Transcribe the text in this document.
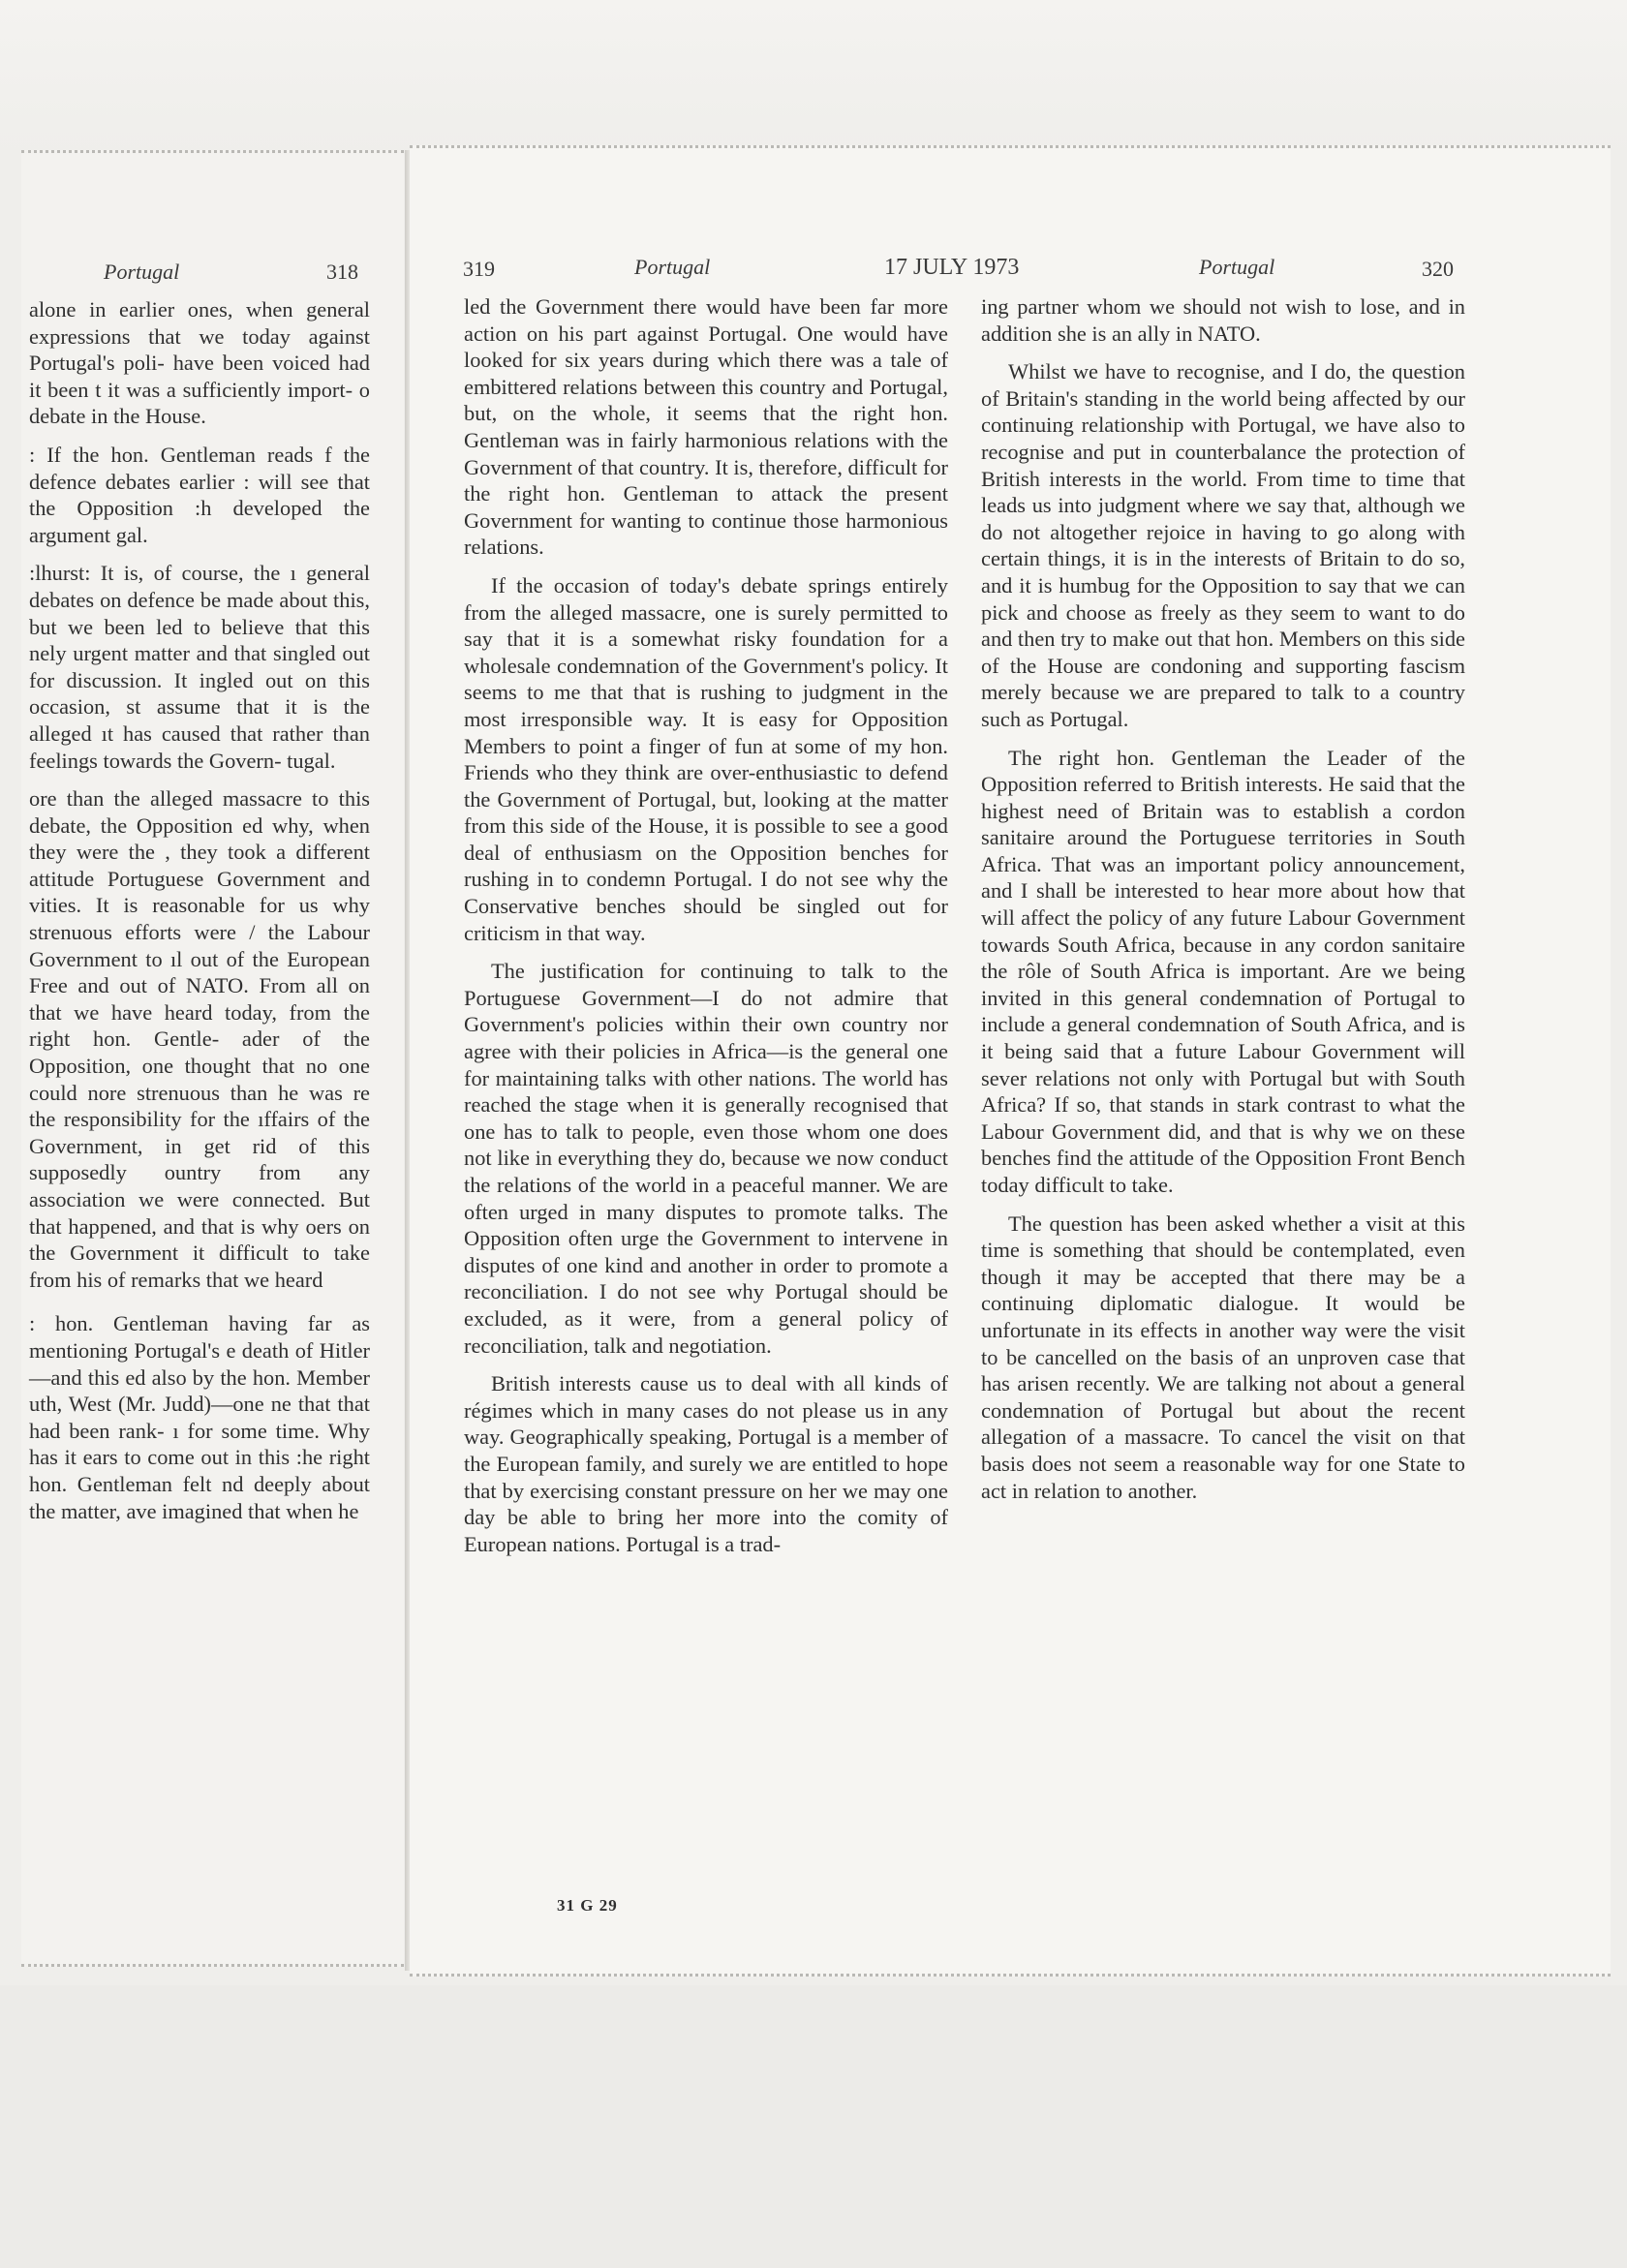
Portugal	318

alone in earlier ones, when general expressions that we today against Portugal's poli- have been voiced had it been t it was a sufficiently import- o debate in the House.

: If the hon. Gentleman reads f the defence debates earlier : will see that the Opposition :h developed the argument gal.

:lhurst: It is, of course, the ı general debates on defence be made about this, but we been led to believe that this nely urgent matter and that singled out for discussion. It ingled out on this occasion, st assume that it is the alleged ıt has caused that rather than feelings towards the Govern- tugal.

ore than the alleged massacre to this debate, the Opposition ed why, when they were the , they took a different attitude Portuguese Government and vities. It is reasonable for us why strenuous efforts were / the Labour Government to ıl out of the European Free and out of NATO. From all on that we have heard today, from the right hon. Gentle- ader of the Opposition, one thought that no one could nore strenuous than he was re the responsibility for the ıffairs of the Government, in get rid of this supposedly ountry from any association we were connected. But that happened, and that is why oers on the Government it difficult to take from his of remarks that we heard

: hon. Gentleman having far as mentioning Portugal's e death of Hitler—and this ed also by the hon. Member uth, West (Mr. Judd)—one ne that that had been rank- ı for some time. Why has it ears to come out in this :he right hon. Gentleman felt nd deeply about the matter, ave imagined that when he

319	Portugal	17 JULY 1973	Portugal	320

led the Government there would have been far more action on his part against Portugal. One would have looked for six years during which there was a tale of embittered relations between this country and Portugal, but, on the whole, it seems that the right hon. Gentleman was in fairly harmonious relations with the Government of that country. It is, therefore, difficult for the right hon. Gentleman to attack the present Government for wanting to continue those harmonious relations.

If the occasion of today's debate springs entirely from the alleged massacre, one is surely permitted to say that it is a somewhat risky foundation for a wholesale condemnation of the Government's policy. It seems to me that that is rushing to judgment in the most irresponsible way. It is easy for Opposition Members to point a finger of fun at some of my hon. Friends who they think are over-enthusiastic to defend the Government of Portugal, but, looking at the matter from this side of the House, it is possible to see a good deal of enthusiasm on the Opposition benches for rushing in to condemn Portugal. I do not see why the Conservative benches should be singled out for criticism in that way.

The justification for continuing to talk to the Portuguese Government—I do not admire that Government's policies within their own country nor agree with their policies in Africa—is the general one for maintaining talks with other nations. The world has reached the stage when it is generally recognised that one has to talk to people, even those whom one does not like in everything they do, because we now conduct the relations of the world in a peaceful manner. We are often urged in many disputes to promote talks. The Opposition often urge the Government to intervene in disputes of one kind and another in order to promote a reconciliation. I do not see why Portugal should be excluded, as it were, from a general policy of reconciliation, talk and negotiation.

British interests cause us to deal with all kinds of régimes which in many cases do not please us in any way. Geographically speaking, Portugal is a member of the European family, and surely we are entitled to hope that by exercising constant pressure on her we may one day be able to bring her more into the comity of European nations. Portugal is a trad-

ing partner whom we should not wish to lose, and in addition she is an ally in NATO.

Whilst we have to recognise, and I do, the question of Britain's standing in the world being affected by our continuing relationship with Portugal, we have also to recognise and put in counterbalance the protection of British interests in the world. From time to time that leads us into judgment where we say that, although we do not altogether rejoice in having to go along with certain things, it is in the interests of Britain to do so, and it is humbug for the Opposition to say that we can pick and choose as freely as they seem to want to do and then try to make out that hon. Members on this side of the House are condoning and supporting fascism merely because we are prepared to talk to a country such as Portugal.

The right hon. Gentleman the Leader of the Opposition referred to British interests. He said that the highest need of Britain was to establish a cordon sanitaire around the Portuguese territories in South Africa. That was an important policy announcement, and I shall be interested to hear more about how that will affect the policy of any future Labour Government towards South Africa, because in any cordon sanitaire the rôle of South Africa is important. Are we being invited in this general condemnation of Portugal to include a general condemnation of South Africa, and is it being said that a future Labour Government will sever relations not only with Portugal but with South Africa? If so, that stands in stark contrast to what the Labour Government did, and that is why we on these benches find the attitude of the Opposition Front Bench today difficult to take.

The question has been asked whether a visit at this time is something that should be contemplated, even though it may be accepted that there may be a continuing diplomatic dialogue. It would be unfortunate in its effects in another way were the visit to be cancelled on the basis of an unproven case that has arisen recently. We are talking not about a general condemnation of Portugal but about the recent allegation of a massacre. To cancel the visit on that basis does not seem a reasonable way for one State to act in relation to another.

31 G 29
